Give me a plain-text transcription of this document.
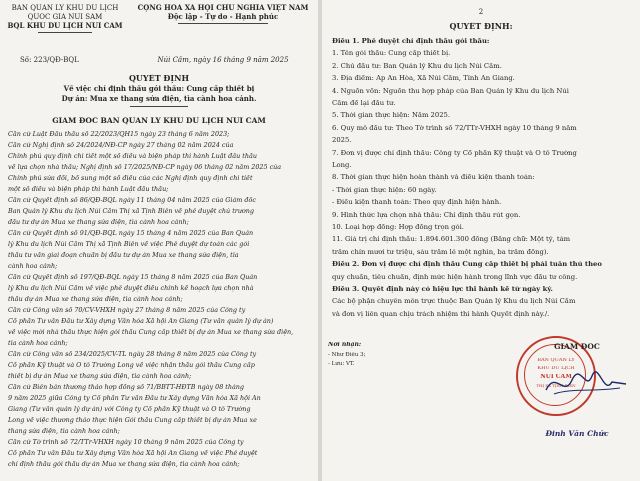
BAN QUẢN LÝ KHU DU LỊCH
QUỐC GIA NÚI SAM
BQL KHU DU LỊCH NÚI CẤM
CỘNG HÒA XÃ HỘI CHỦ NGHĨA VIỆT NAM
Độc lập - Tự do - Hạnh phúc
Số: 223/QĐ-BQL	Núi Cấm, ngày 16 tháng 9 năm 2025
QUYẾT ĐỊNH
Về việc chỉ định thầu gói thầu: Cung cấp thiết bị
Dự án: Mua xe thang sửa điện, tìa cành hoa cảnh.
GIÁM ĐỐC BAN QUẢN LÝ KHU DU LỊCH NÚI CẤM
Căn cứ Luật Đấu thầu số 22/2023/QH15 ngày 23 tháng 6 năm 2023;
Căn cứ Nghị định số 24/2024/NĐ-CP ngày 27 tháng 02 năm 2024 của
Chính phủ quy định chi tiết một số điều và biện pháp thi hành Luật đấu thầu
về lựa chọn nhà thầu; Nghị định số 17/2025/NĐ-CP ngày 06 tháng 02 năm 2025 của
Chính phủ sửa đổi, bổ sung một số điều của các Nghị định quy định chi tiết
một số điều và biện pháp thi hành Luật đấu thầu;
Căn cứ Quyết định số 86/QĐ-BQL ngày 11 tháng 04 năm 2025 của Giám đốc
Ban Quản lý Khu du lịch Núi Cấm Thị xã Tịnh Biên về phê duyệt chủ trương
đầu tư dự án Mua xe thang sửa điện, tìa cành hoa cảnh;
Căn cứ Quyết định số 91/QĐ-BQL ngày 15 tháng 4 năm 2025 của Ban Quản
lý Khu du lịch Núi Cấm Thị xã Tịnh Biên về việc Phê duyệt dự toán các gói
thầu tư vấn giai đoạn chuẩn bị đầu tư dự án Mua xe thang sửa điện, tìa
cành hoa cảnh;
Căn cứ Quyết định số 197/QĐ-BQL ngày 15 tháng 8 năm 2025 của Ban Quản
lý Khu du lịch Núi Cấm về việc phê duyệt điều chỉnh kế hoạch lựa chọn nhà
thầu dự án Mua xe thang sửa điện, tìa cành hoa cảnh;
Căn cứ Công văn số 70/CV-VHXH ngày 27 tháng 8 năm 2025 của Công ty
Cổ phần Tư vấn Đầu tư Xây dựng Văn hóa Xã hội An Giang (Tư vấn quản lý dự án)
về việc mời nhà thầu thực hiện gói thầu Cung cấp thiết bị dự án Mua xe thang sửa điện,
tìa cành hoa cảnh;
Căn cứ Công văn số 234/2025/CV-TL ngày 28 tháng 8 năm 2025 của Công ty
Cổ phần Kỹ thuật và Ô tô Trường Long về việc nhận thầu gói thầu Cung cấp
thiết bị dự án Mua xe thang sửa điện, tìa cành hoa cảnh;
Căn cứ Biên bản thương thảo hợp đồng số 71/BBTT-HĐTB ngày 08 tháng
9 năm 2025 giữa Công ty Cổ phần Tư vấn Đầu tư Xây dựng Văn hóa Xã hội An
Giang (Tư vấn quản lý dự án) với Công ty Cổ phần Kỹ thuật và Ô tô Trường
Long về việc thương thảo thực hiện Gói thầu Cung cấp thiết bị dự án Mua xe
thang sửa điện, tìa cành hoa cảnh;
Căn cứ Tờ trình số 72/TTr-VHXH ngày 10 tháng 9 năm 2025 của Công ty
Cổ phần Tư vấn Đầu tư Xây dựng Văn hóa Xã hội An Giang về việc Phê duyệt
chỉ định thầu gói thầu dự án Mua xe thang sửa điện, tìa cành hoa cảnh;
2
QUYẾT ĐỊNH:
Điều 1. Phê duyệt chỉ định thầu gói thầu:
1. Tên gói thầu: Cung cấp thiết bị.
2. Chủ đầu tư: Ban Quản lý Khu du lịch Núi Cấm.
3. Địa điểm: Ấp An Hòa, Xã Núi Cấm, Tỉnh An Giang.
4. Nguồn vốn: Nguồn thu hợp pháp của Ban Quản lý Khu du lịch Núi
Cấm để lại đầu tư.
5. Thời gian thực hiện: Năm 2025.
6. Quy mô đầu tư: Theo Tờ trình số 72/TTr-VHXH ngày 10 tháng 9 năm
2025.
7. Đơn vị được chỉ định thầu: Công ty Cổ phần Kỹ thuật và Ô tô Trường
Long.
8. Thời gian thực hiện hoàn thành và điều kiện thanh toán:
- Thời gian thực hiện: 60 ngày.
- Điều kiện thanh toán: Theo quy định hiện hành.
9. Hình thức lựa chọn nhà thầu: Chỉ định thầu rút gọn.
10. Loại hợp đồng: Hợp đồng trọn gói.
11. Giá trị chỉ định thầu: 1.894.601.300 đồng (Bằng chữ: Một tỷ, tám
trăm chín mươi tư triệu, sáu trăm lẻ một nghìn, ba trăm đồng).
Điều 2. Đơn vị được chỉ định thầu Cung cấp thiết bị phải tuân thủ theo
quy chuẩn, tiêu chuẩn, định mức hiện hành trong lĩnh vực đầu tư công.
Điều 3. Quyết định này có hiệu lực thi hành kể từ ngày ký.
Các bộ phận chuyên môn trực thuộc Ban Quản lý Khu du lịch Núi Cấm
và đơn vị liên quan chịu trách nhiệm thi hành Quyết định này./.
Nơi nhận:
- Như Điều 3;
- Lưu: VT.
BAN QUẢN LÝ
KHU DU LỊCH
NÚI CẤM
THỊ XÃ TỊNH BIÊN
GIÁM ĐỐC
Đinh Văn Chức
